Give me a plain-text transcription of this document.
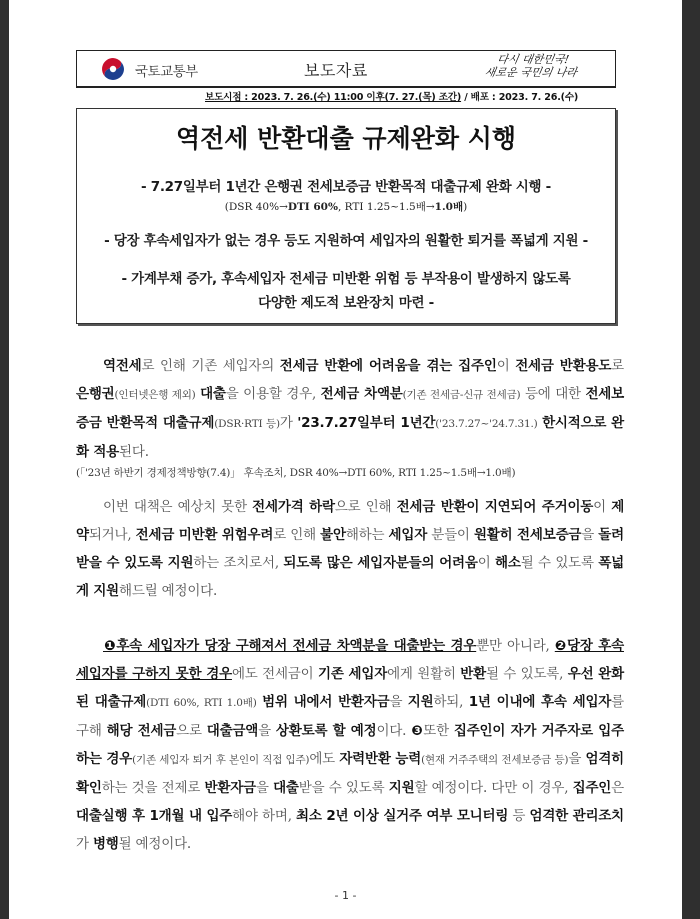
국토교통부	보도자료
다시 대한민국!
새로운 국민의 나라
보도시점 : 2023. 7. 26.(수) 11:00 이후(7. 27.(목) 조간) / 배포 : 2023. 7. 26.(수)
역전세 반환대출 규제완화 시행
- 7.27일부터 1년간 은행권 전세보증금 반환목적 대출규제 완화 시행 -
(DSR 40%→DTI 60%, RTI 1.25~1.5배→1.0배)
- 당장 후속세입자가 없는 경우 등도 지원하여 세입자의 원활한 퇴거를 폭넓게 지원 -
- 가계부채 증가, 후속세입자 전세금 미반환 위험 등 부작용이 발생하지 않도록
다양한 제도적 보완장치 마련 -
역전세로 인해 기존 세입자의 전세금 반환에 어려움을 겪는 집주인이 전세금 반환용도로 은행권(인터넷은행 제외) 대출을 이용할 경우, 전세금 차액분(기존 전세금-신규 전세금) 등에 대한 전세보증금 반환목적 대출규제(DSR·RTI 등)가 '23.7.27일부터 1년간('23.7.27~'24.7.31.) 한시적으로 완화 적용된다.
(「'23년 하반기 경제정책방향(7.4)」 후속조치, DSR 40%→DTI 60%, RTI 1.25~1.5배→1.0배)
이번 대책은 예상치 못한 전세가격 하락으로 인해 전세금 반환이 지연되어 주거이동이 제약되거나, 전세금 미반환 위험우려로 인해 불안해하는 세입자 분들이 원활히 전세보증금을 돌려받을 수 있도록 지원하는 조치로서, 되도록 많은 세입자분들의 어려움이 해소될 수 있도록 폭넓게 지원해드릴 예정이다.
❶후속 세입자가 당장 구해져서 전세금 차액분을 대출받는 경우뿐만 아니라, ❷당장 후속 세입자를 구하지 못한 경우에도 전세금이 기존 세입자에게 원활히 반환될 수 있도록, 우선 완화된 대출규제(DTI 60%, RTI 1.0배) 범위 내에서 반환자금을 지원하되, 1년 이내에 후속 세입자를 구해 해당 전세금으로 대출금액을 상환토록 할 예정이다. ❸또한 집주인이 자가 거주자로 입주하는 경우(기존 세입자 퇴거 후 본인이 직접 입주)에도 자력반환 능력(현재 거주주택의 전세보증금 등)을 엄격히 확인하는 것을 전제로 반환자금을 대출받을 수 있도록 지원할 예정이다. 다만 이 경우, 집주인은 대출실행 후 1개월 내 입주해야 하며, 최소 2년 이상 실거주 여부 모니터링 등 엄격한 관리조치가 병행될 예정이다.
- 1 -
